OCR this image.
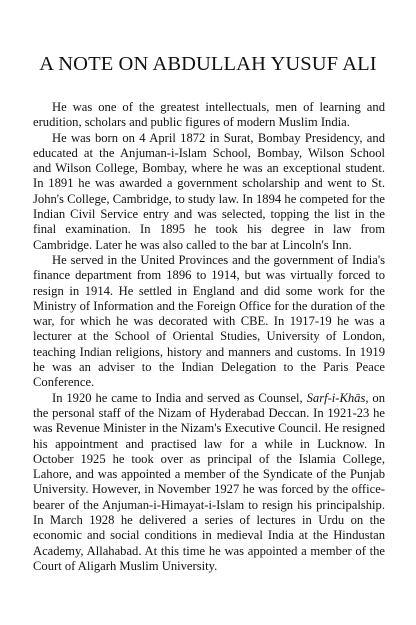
A NOTE ON ABDULLAH YUSUF ALI

He was one of the greatest intellectuals, men of learning and erudition, scholars and public figures of modern Muslim India.

He was born on 4 April 1872 in Surat, Bombay Presidency, and educated at the Anjuman-i-Islam School, Bombay, Wilson School and Wilson College, Bombay, where he was an exceptional student. In 1891 he was awarded a government scholarship and went to St. John's College, Cambridge, to study law. In 1894 he competed for the Indian Civil Service entry and was selected, topping the list in the final examination. In 1895 he took his degree in law from Cambridge. Later he was also called to the bar at Lincoln's Inn.

He served in the United Provinces and the government of India's finance department from 1896 to 1914, but was virtually forced to resign in 1914. He settled in England and did some work for the Ministry of Information and the Foreign Office for the duration of the war, for which he was decorated with CBE. In 1917-19 he was a lecturer at the School of Oriental Studies, University of London, teaching Indian religions, history and manners and customs. In 1919 he was an adviser to the Indian Delegation to the Paris Peace Conference.

In 1920 he came to India and served as Counsel, Sarf-i-Khās, on the personal staff of the Nizam of Hyderabad Deccan. In 1921-23 he was Revenue Minister in the Nizam's Executive Council. He resigned his appointment and practised law for a while in Lucknow. In October 1925 he took over as principal of the Islamia College, Lahore, and was appointed a member of the Syndicate of the Punjab University. However, in November 1927 he was forced by the office-bearer of the Anjuman-i-Himayat-i-Islam to resign his principalship. In March 1928 he delivered a series of lectures in Urdu on the economic and social conditions in medieval India at the Hindustan Academy, Allahabad. At this time he was appointed a member of the Court of Aligarh Muslim University.
